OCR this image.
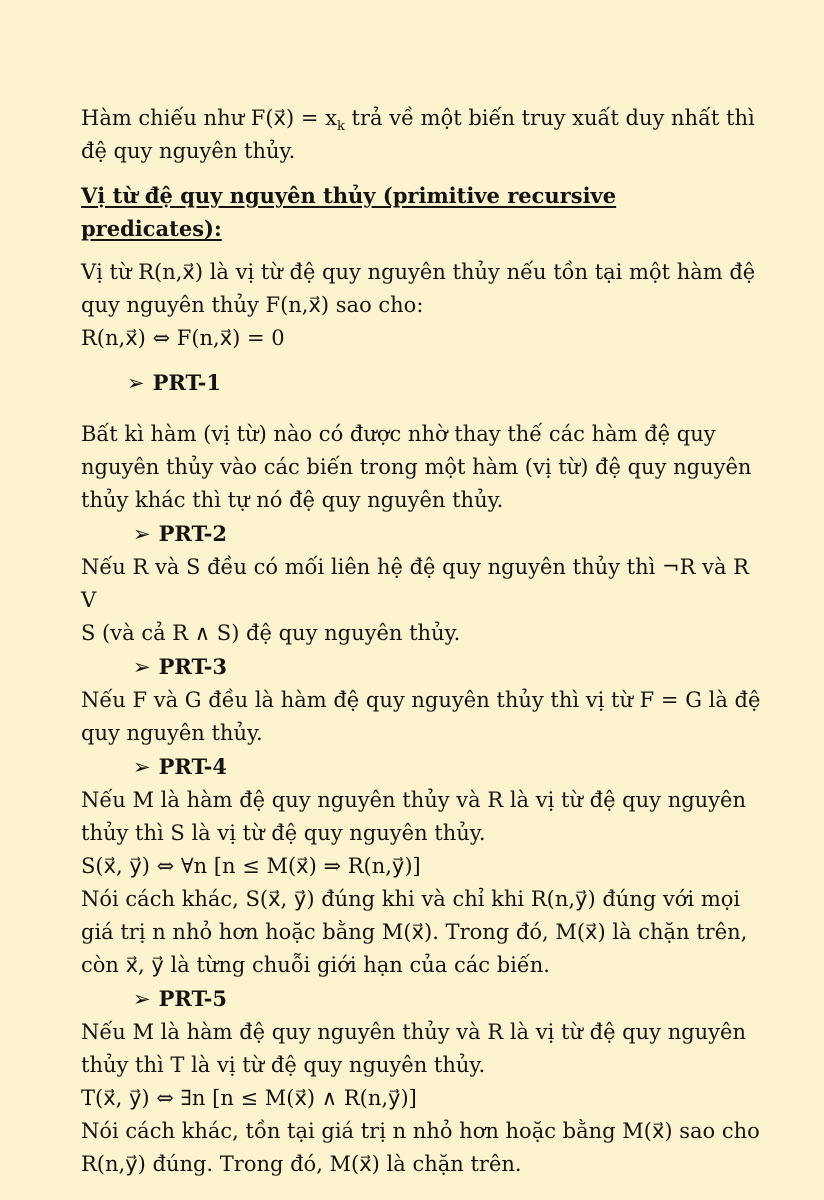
Hàm chiếu như F(x⃗) = $x_k$ trả về một biến truy xuất duy nhất thì

đệ quy nguyên thủy.

Vị từ đệ quy nguyên thủy (primitive recursive predicates):

Vị từ R(n,x⃗) là vị từ đệ quy nguyên thủy nếu tồn tại một hàm đệ

quy nguyên thủy F(n,x⃗) sao cho:

R(n,x⃗) ⇔ F(n,x⃗) = 0

➢ PRT-1

Bất kì hàm (vị từ) nào có được nhờ thay thế các hàm đệ quy

nguyên thủy vào các biến trong một hàm (vị từ) đệ quy nguyên

thủy khác thì tự nó đệ quy nguyên thủy.

➢ PRT-2

Nếu R và S đều có mối liên hệ đệ quy nguyên thủy thì ¬R và R V

S (và cả R ∧ S) đệ quy nguyên thủy.

➢ PRT-3

Nếu F và G đều là hàm đệ quy nguyên thủy thì vị từ F = G là đệ

quy nguyên thủy.

➢ PRT-4

Nếu M là hàm đệ quy nguyên thủy và R là vị từ đệ quy nguyên

thủy thì S là vị từ đệ quy nguyên thủy.

S(x⃗, y⃗) ⇔ ∀n [n ≤ M(x⃗) ⇒ R(n,y⃗)]

Nói cách khác, S(x⃗, y⃗) đúng khi và chỉ khi R(n,y⃗) đúng với mọi

giá trị n nhỏ hơn hoặc bằng M(x⃗). Trong đó, M(x⃗) là chặn trên,

còn x⃗, y⃗ là từng chuỗi giới hạn của các biến.

➢ PRT-5

Nếu M là hàm đệ quy nguyên thủy và R là vị từ đệ quy nguyên

thủy thì T là vị từ đệ quy nguyên thủy.

T(x⃗, y⃗) ⇔ ∃n [n ≤ M(x⃗) ∧ R(n,y⃗)]

Nói cách khác, tồn tại giá trị n nhỏ hơn hoặc bằng M(x⃗) sao cho

R(n,y⃗) đúng. Trong đó, M(x⃗) là chặn trên.
